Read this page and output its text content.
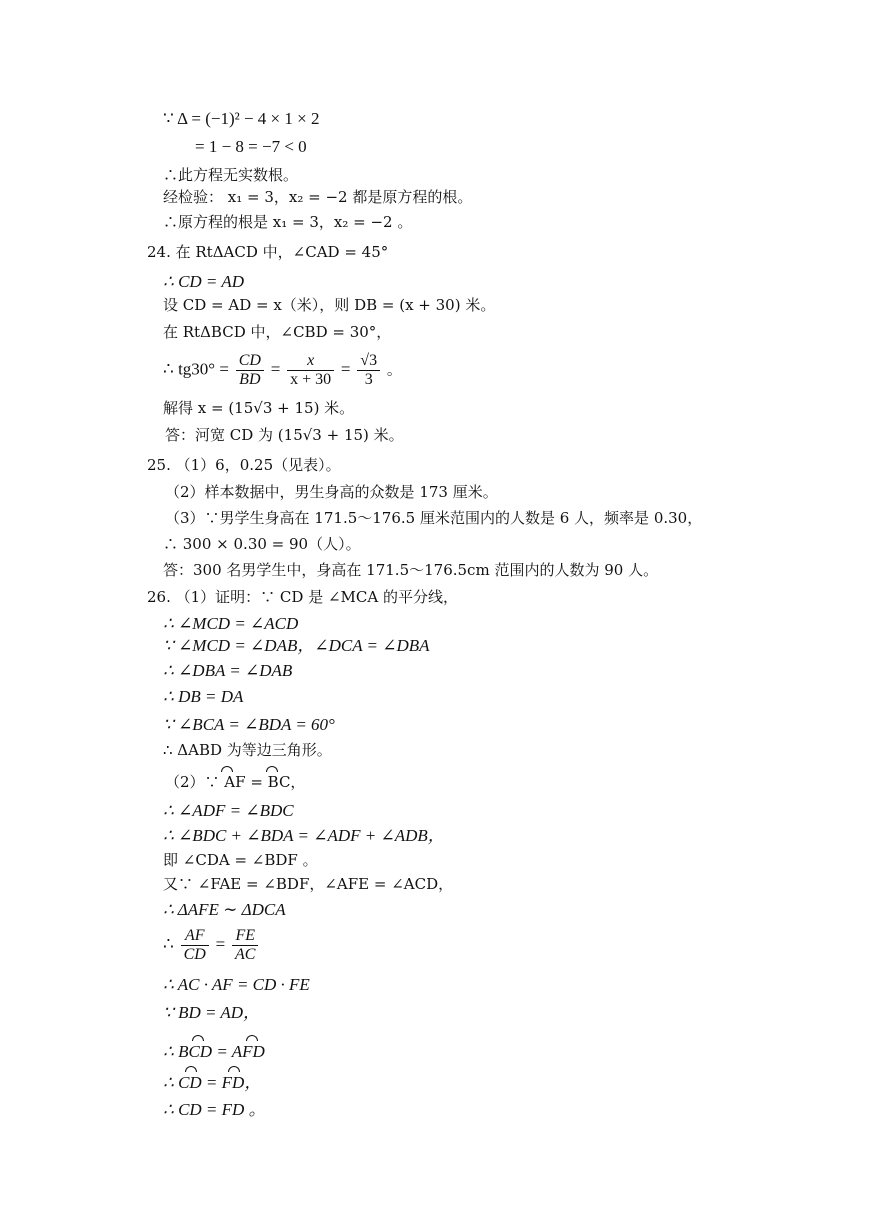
∵ Δ = (−1)² − 4 × 1 × 2
= 1 − 8 = −7 < 0
∴此方程无实数根。
经检验： x₁ = 3，x₂ = −2 都是原方程的根。
∴原方程的根是 x₁ = 3，x₂ = −2 。
24. 在 RtΔACD 中，∠CAD = 45°
∴ CD = AD
设 CD = AD = x（米），则 DB = (x + 30) 米。
在 RtΔBCD 中，∠CBD = 30°，
∴ $tg30^\circ = \frac{CD}{BD} = \frac{x}{x + 30} = \frac{√3}{3}$ 。
解得 x = (15√3 + 15) 米。
答：河宽 CD 为 (15√3 + 15) 米。
25. （1）6，0.25（见表）。
（2）样本数据中，男生身高的众数是 173 厘米。
（3）∵男学生身高在 171.5～176.5 厘米范围内的人数是 6 人，频率是 0.30，
∴ 300 × 0.30 = 90（人）。
答：300 名男学生中，身高在 171.5～176.5cm 范围内的人数为 90 人。
26. （1）证明：∵ CD 是 ∠MCA 的平分线，
∴ ∠MCD = ∠ACD
∵ ∠MCD = ∠DAB，∠DCA = ∠DBA
∴ ∠DBA = ∠DAB
∴ DB = DA
∵ ∠BCA = ∠BDA = 60°
∴ ΔABD 为等边三角形。
（2）∵ AF = BC，
∴ ∠ADF = ∠BDC
∴ ∠BDC + ∠BDA = ∠ADF + ∠ADB，
即 ∠CDA = ∠BDF 。
又∵ ∠FAE = ∠BDF，∠AFE = ∠ACD，
∴ ΔAFE ∼ ΔDCA
∴ $\frac{AF}{CD} = \frac{FE}{AC}$
∴ AC · AF = CD · FE
∵ BD = AD，
∴ BCD = AFD
∴ CD = FD，
∴ CD = FD 。
